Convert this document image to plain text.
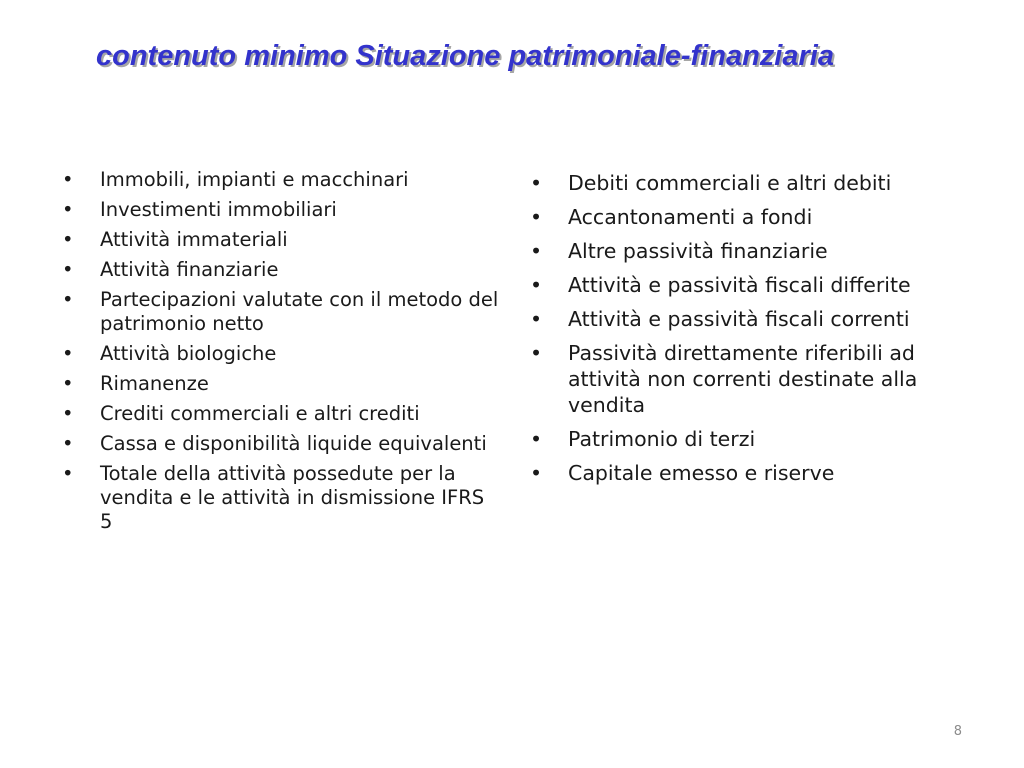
contenuto minimo Situazione patrimoniale-finanziaria
• Immobili, impianti e macchinari
• Investimenti immobiliari
• Attività immateriali
• Attività finanziarie
• Partecipazioni valutate con il metodo del patrimonio netto
• Attività biologiche
• Rimanenze
• Crediti commerciali e altri crediti
• Cassa e disponibilità liquide equivalenti
• Totale della attività possedute per la vendita e le attività in dismissione IFRS 5
• Debiti commerciali e altri debiti
• Accantonamenti a fondi
• Altre passività finanziarie
• Attività e passività fiscali differite
• Attività e passività fiscali correnti
• Passività direttamente riferibili ad attività non correnti destinate alla vendita
• Patrimonio di terzi
• Capitale emesso e riserve
8
